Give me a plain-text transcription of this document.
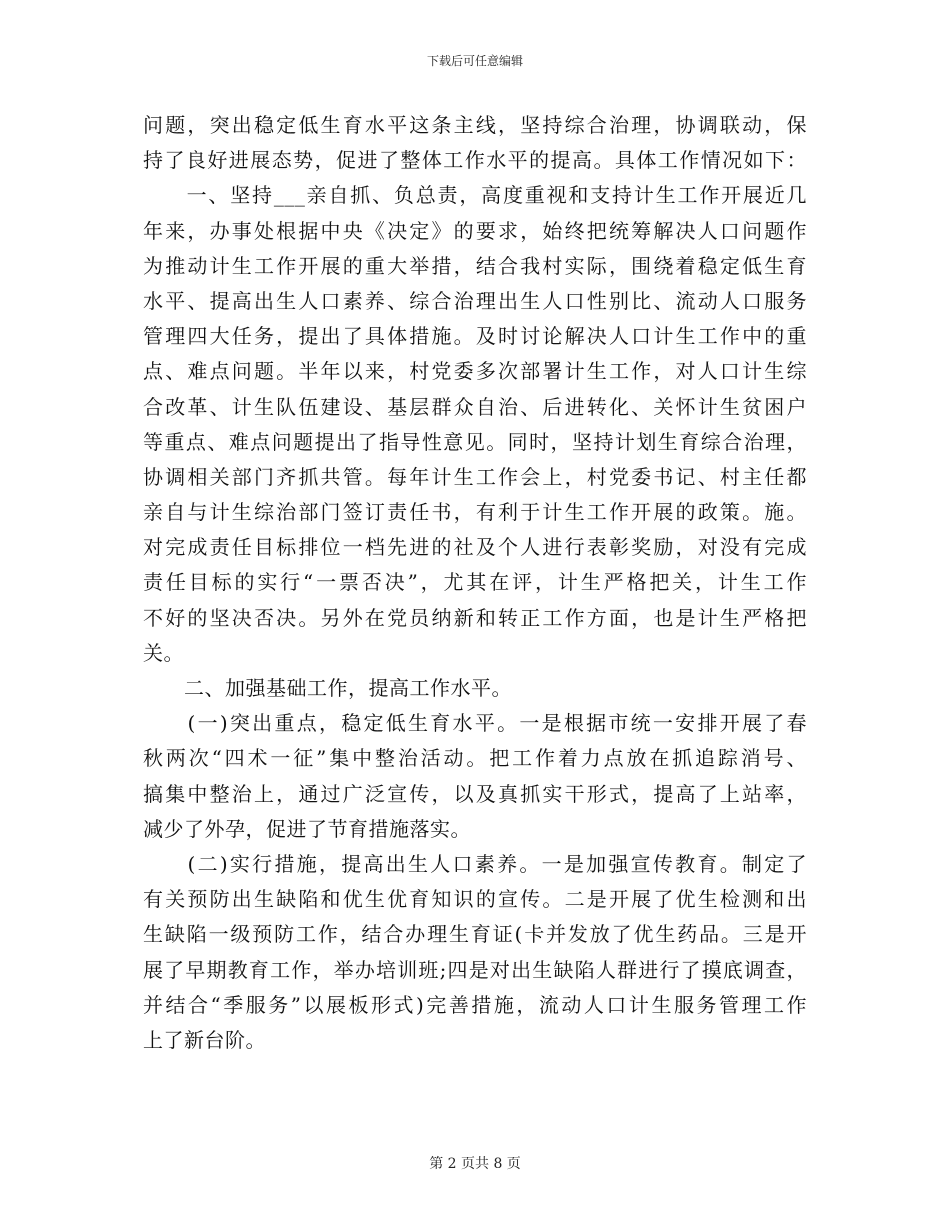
下载后可任意编辑
问题，突出稳定低生育水平这条主线，坚持综合治理，协调联动，保
持了良好进展态势，促进了整体工作水平的提高。具体工作情况如下：
　　一、坚持___亲自抓、负总责，高度重视和支持计生工作开展近几
年来，办事处根据中央《决定》的要求，始终把统筹解决人口问题作
为推动计生工作开展的重大举措，结合我村实际，围绕着稳定低生育
水平、提高出生人口素养、综合治理出生人口性别比、流动人口服务
管理四大任务，提出了具体措施。及时讨论解决人口计生工作中的重
点、难点问题。半年以来，村党委多次部署计生工作，对人口计生综
合改革、计生队伍建设、基层群众自治、后进转化、关怀计生贫困户
等重点、难点问题提出了指导性意见。同时，坚持计划生育综合治理，
协调相关部门齐抓共管。每年计生工作会上，村党委书记、村主任都
亲自与计生综治部门签订责任书，有利于计生工作开展的政策。施。
对完成责任目标排位一档先进的社及个人进行表彰奖励，对没有完成
责任目标的实行“一票否决”，尤其在评，计生严格把关，计生工作
不好的坚决否决。另外在党员纳新和转正工作方面，也是计生严格把
关。
　　二、加强基础工作，提高工作水平。
　　(一)突出重点，稳定低生育水平。一是根据市统一安排开展了春
秋两次“四术一征”集中整治活动。把工作着力点放在抓追踪消号、
搞集中整治上，通过广泛宣传，以及真抓实干形式，提高了上站率，
减少了外孕，促进了节育措施落实。
　　(二)实行措施，提高出生人口素养。一是加强宣传教育。制定了
有关预防出生缺陷和优生优育知识的宣传。二是开展了优生检测和出
生缺陷一级预防工作，结合办理生育证(卡并发放了优生药品。三是开
展了早期教育工作，举办培训班;四是对出生缺陷人群进行了摸底调查，
并结合“季服务”以展板形式)完善措施，流动人口计生服务管理工作
上了新台阶。
第 2 页共 8 页
